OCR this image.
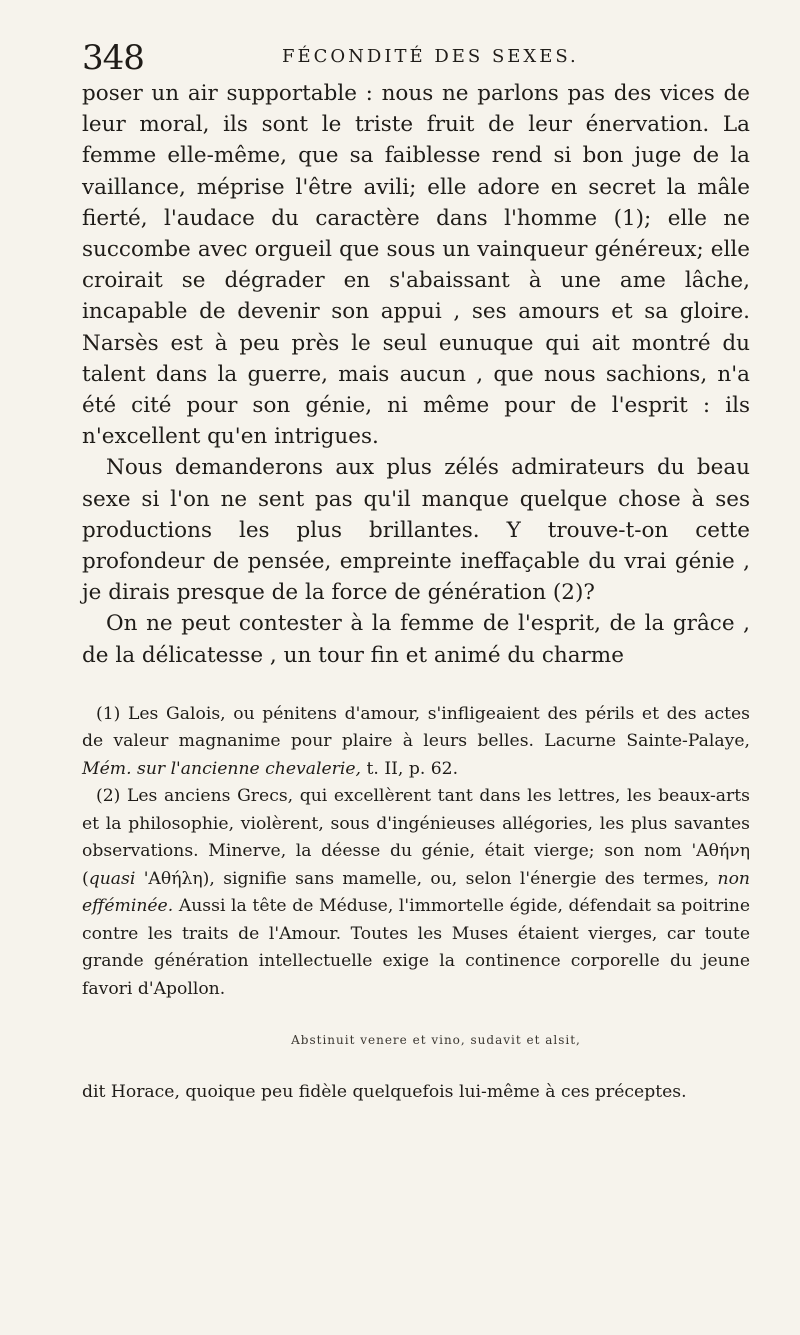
348	FÉCONDITÉ DES SEXES.

poser un air supportable : nous ne parlons pas des vices de leur moral, ils sont le triste fruit de leur énervation. La femme elle-même, que sa faiblesse rend si bon juge de la vaillance, méprise l'être avili; elle adore en secret la mâle fierté, l'audace du caractère dans l'homme (1); elle ne succombe avec orgueil que sous un vainqueur généreux; elle croirait se dégrader en s'abaissant à une ame lâche, incapable de devenir son appui , ses amours et sa gloire. Narsès est à peu près le seul eunuque qui ait montré du talent dans la guerre, mais aucun , que nous sachions, n'a été cité pour son génie, ni même pour de l'esprit : ils n'excellent qu'en intrigues.

Nous demanderons aux plus zélés admirateurs du beau sexe si l'on ne sent pas qu'il manque quelque chose à ses productions les plus brillantes. Y trouve-t-on cette profondeur de pensée, empreinte ineffaçable du vrai génie , je dirais presque de la force de génération (2)?

On ne peut contester à la femme de l'esprit, de la grâce , de la délicatesse , un tour fin et animé du charme

(1) Les Galois, ou pénitens d'amour, s'infligeaient des périls et des actes de valeur magnanime pour plaire à leurs belles. Lacurne Sainte-Palaye, Mém. sur l'ancienne chevalerie, t. II, p. 62.

(2) Les anciens Grecs, qui excellèrent tant dans les lettres, les beaux-arts et la philosophie, violèrent, sous d'ingénieuses allégories, les plus savantes observations. Minerve, la déesse du génie, était vierge; son nom 'Αθήνη (quasi 'Αθήλη), signifie sans mamelle, ou, selon l'énergie des termes, non efféminée. Aussi la tête de Méduse, l'immortelle égide, défendait sa poitrine contre les traits de l'Amour. Toutes les Muses étaient vierges, car toute grande génération intellectuelle exige la continence corporelle du jeune favori d'Apollon.

Abstinuit venere et vino, sudavit et alsit,
dit Horace, quoique peu fidèle quelquefois lui-même à ces préceptes.
